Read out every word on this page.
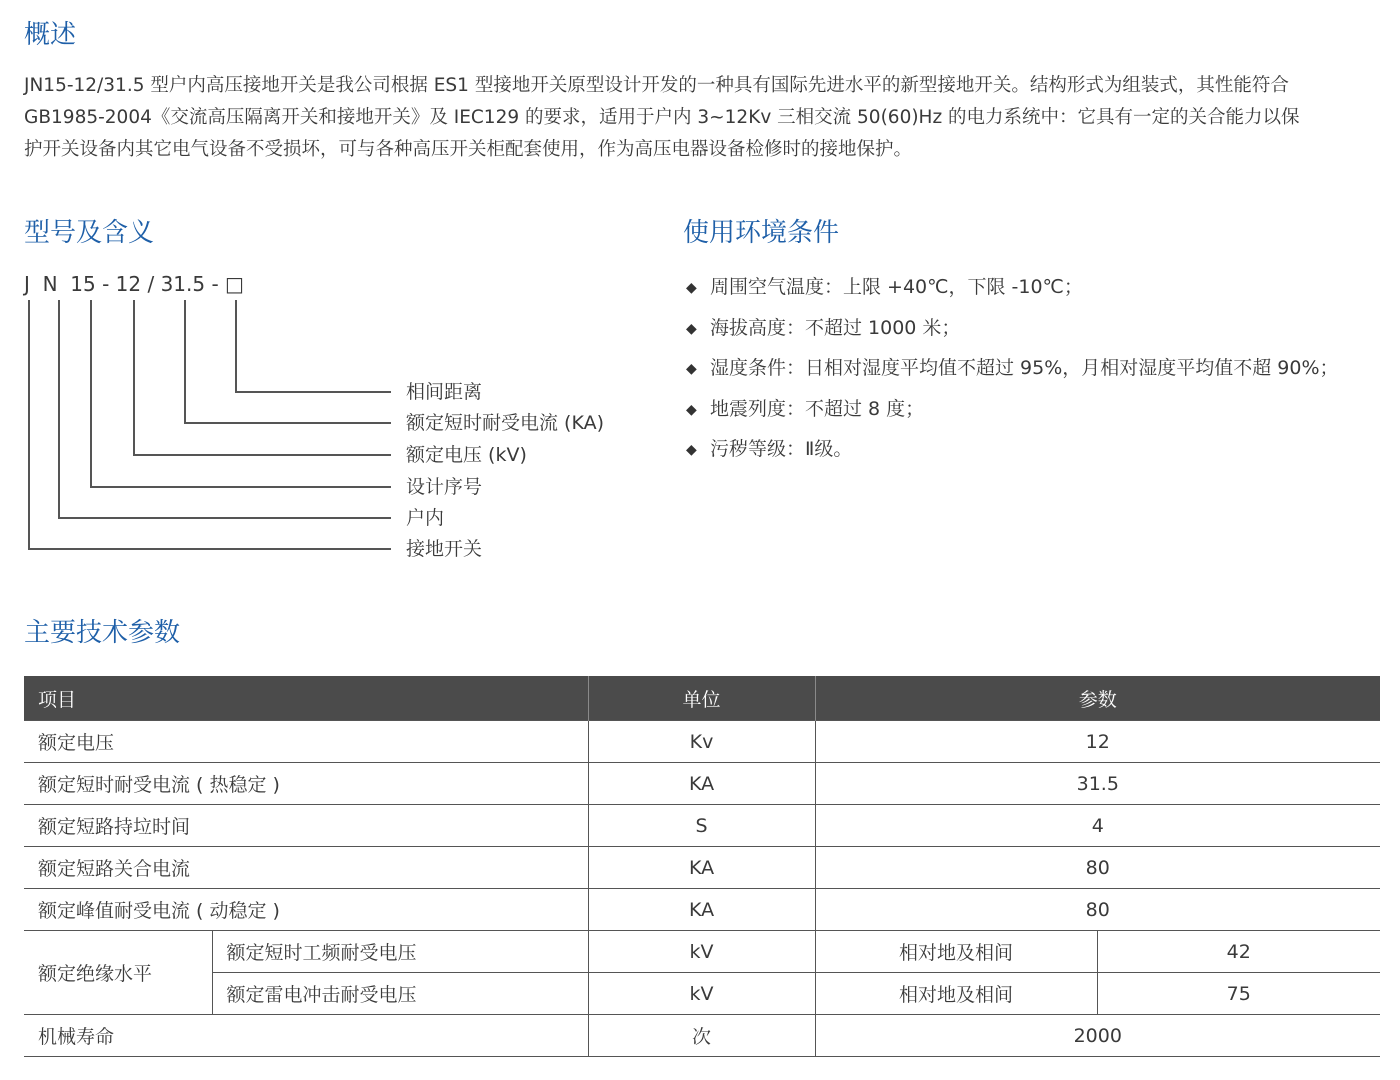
概述
JN15-12/31.5 型户内高压接地开关是我公司根据 ES1 型接地开关原型设计开发的一种具有国际先进水平的新型接地开关。结构形式为组装式，其性能符合
GB1985-2004《交流高压隔离开关和接地开关》及 IEC129 的要求，适用于户内 3~12Kv 三相交流 50(60)Hz 的电力系统中：它具有一定的关合能力以保
护开关设备内其它电气设备不受损坏，可与各种高压开关柜配套使用，作为高压电器设备检修时的接地保护。
型号及含义
J  N  15 - 12 / 31.5 - □
相间距离
额定短时耐受电流 (KA)
额定电压 (kV)
设计序号
户内
接地开关
使用环境条件
◆ 周围空气温度：上限 +40℃，下限 -10℃；
◆ 海拔高度：不超过 1000 米；
◆ 湿度条件：日相对湿度平均值不超过 95%，月相对湿度平均值不超 90%；
◆ 地震列度：不超过 8 度；
◆ 污秽等级：Ⅱ级。
主要技术参数
项目		单位	参数	
额定电压		Kv	12	
额定短时耐受电流 ( 热稳定 )		KA	31.5	
额定短路持垃时间		S	4	
额定短路关合电流		KA	80	
额定峰值耐受电流 ( 动稳定 )		KA	80	
额定绝缘水平	额定短时工频耐受电压	kV	相对地及相间	42
	额定雷电冲击耐受电压	kV	相对地及相间	75
机械寿命		次	2000	
